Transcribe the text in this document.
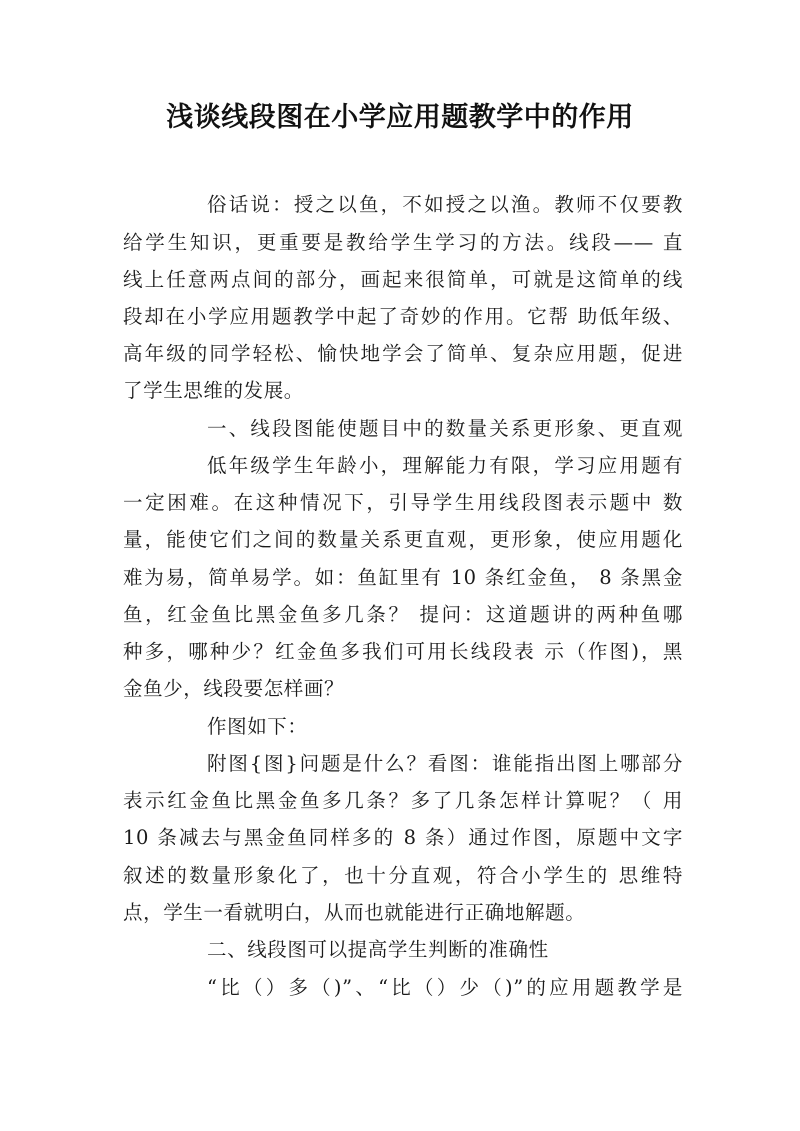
浅谈线段图在小学应用题教学中的作用
俗话说：授之以鱼，不如授之以渔。教师不仅要教
给学生知识，更重要是教给学生学习的方法。线段—— 直
线上任意两点间的部分，画起来很简单，可就是这简单的线
段却在小学应用题教学中起了奇妙的作用。它帮 助低年级、
高年级的同学轻松、愉快地学会了简单、复杂应用题，促进
了学生思维的发展。
一、线段图能使题目中的数量关系更形象、更直观
低年级学生年龄小，理解能力有限，学习应用题有
一定困难。在这种情况下，引导学生用线段图表示题中 数
量，能使它们之间的数量关系更直观，更形象，使应用题化
难为易，简单易学。如：鱼缸里有 10 条红金鱼， 8 条黑金
鱼，红金鱼比黑金鱼多几条？ 提问：这道题讲的两种鱼哪
种多，哪种少？红金鱼多我们可用长线段表 示（作图)，黑
金鱼少，线段要怎样画？
作图如下：
附图{图}问题是什么？看图：谁能指出图上哪部分
表示红金鱼比黑金鱼多几条？多了几条怎样计算呢？（ 用
10 条减去与黑金鱼同样多的 8 条）通过作图，原题中文字
叙述的数量形象化了，也十分直观，符合小学生的 思维特
点，学生一看就明白，从而也就能进行正确地解题。
二、线段图可以提高学生判断的准确性
“比（）多（)”、“比（）少（)”的应用题教学是
